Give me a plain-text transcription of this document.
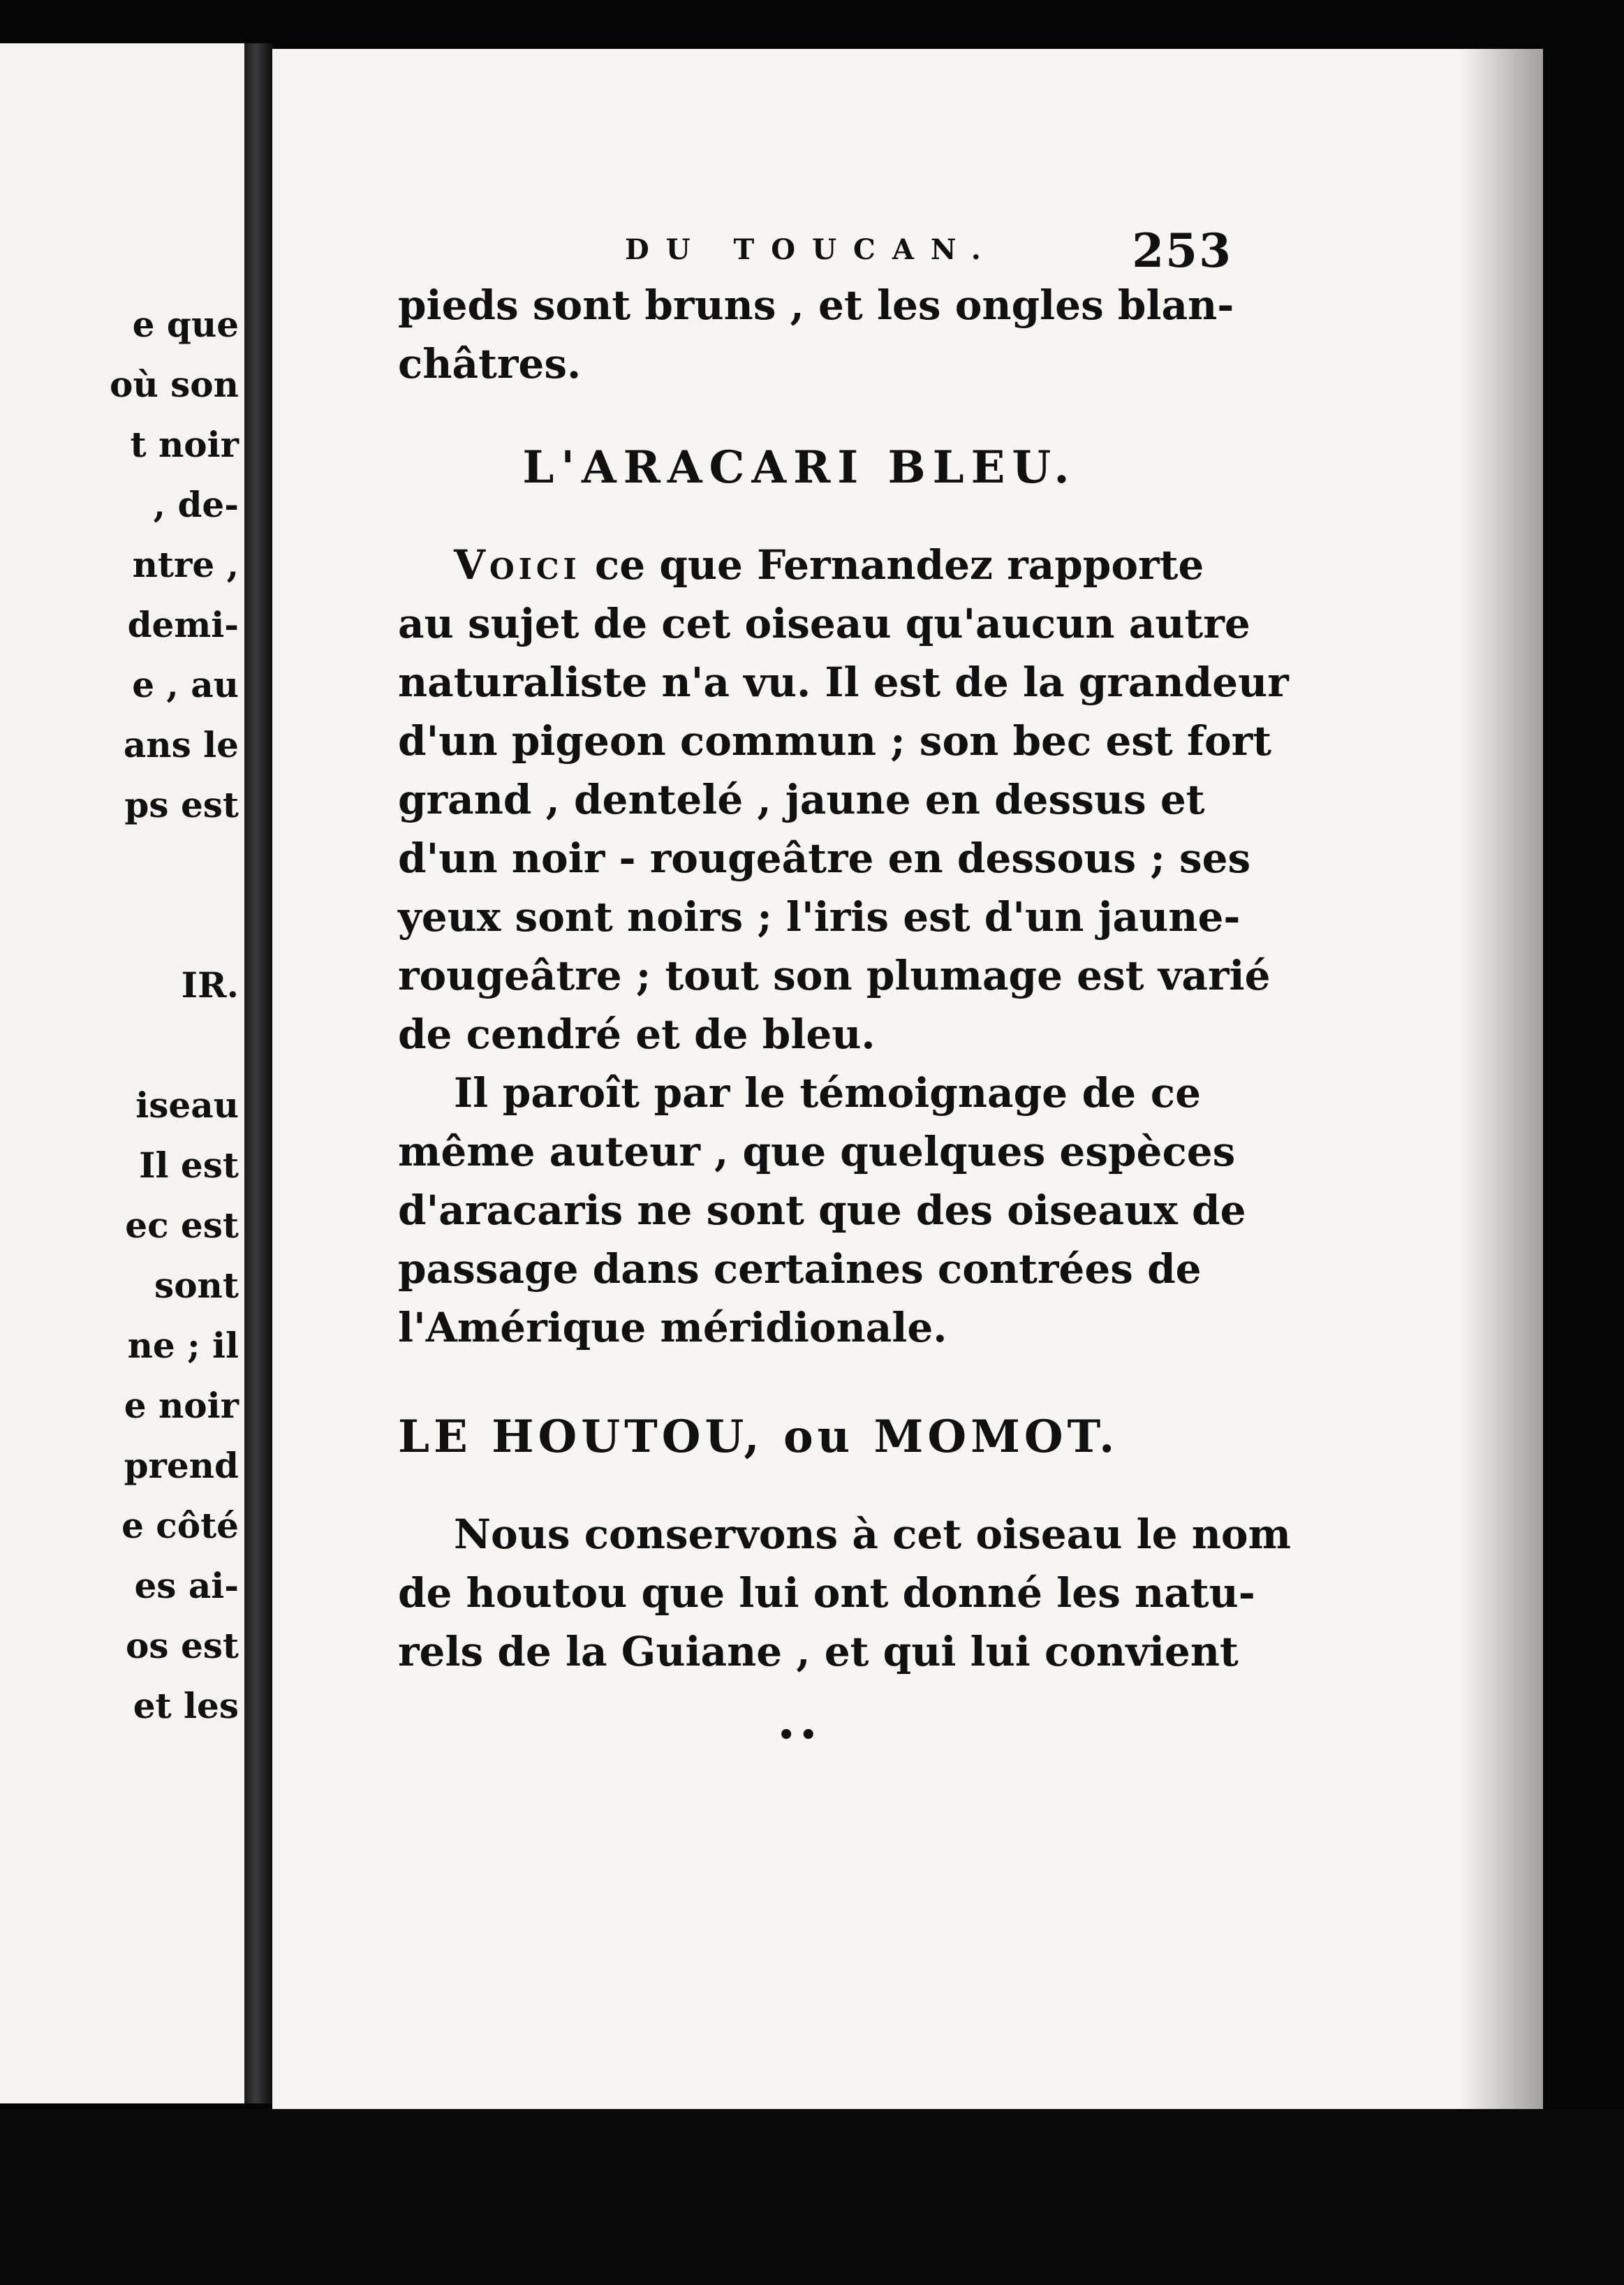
e que
où son
t noir
, de-
ntre ,
demi-
e , au
ans le
ps est
IR.

iseau
Il est
ec est
sont
ne ; il
e noir
prend
e côté
es ai-
os est
et les
DU TOUCAN.	253

pieds sont bruns , et les ongles blan-
châtres.

L'ARACARI BLEU.

Voici ce que Fernandez rapporte
au sujet de cet oiseau qu'aucun autre
naturaliste n'a vu. Il est de la grandeur
d'un pigeon commun ; son bec est fort
grand , dentelé , jaune en dessus et
d'un noir - rougeâtre en dessous ; ses
yeux sont noirs ; l'iris est d'un jaune-
rougeâtre ; tout son plumage est varié
de cendré et de bleu.

Il paroît par le témoignage de ce
même auteur , que quelques espèces
d'aracaris ne sont que des oiseaux de
passage dans certaines contrées de
l'Amérique méridionale.

LE HOUTOU, ou MOMOT.

Nous conservons à cet oiseau le nom
de houtou que lui ont donné les natu-
rels de la Guiane , et qui lui convient

••
